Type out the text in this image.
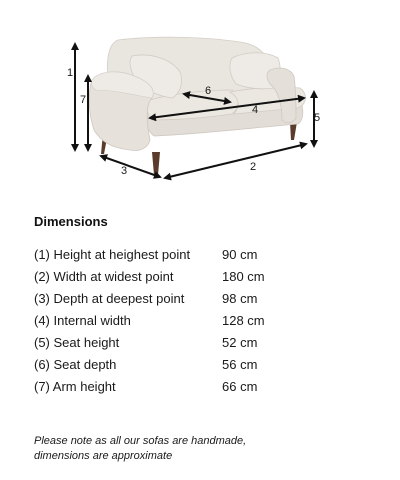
1
2
3
4
5
6
7
Dimensions
(1) Height at heighest point	90 cm
(2) Width at widest point	180 cm
(3) Depth at deepest point	98 cm
(4) Internal width	128 cm
(5) Seat height	52 cm
(6) Seat depth	56 cm
(7) Arm height	66 cm

Please note as all our sofas are handmade,
dimensions are approximate
